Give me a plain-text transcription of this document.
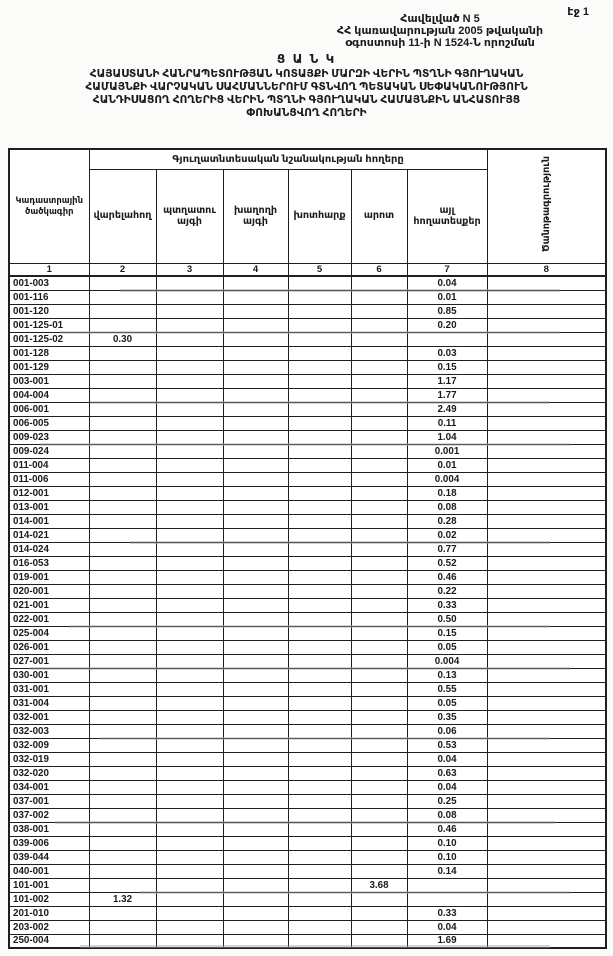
էջ 1
Հավելված N 5
ՀՀ կառավարության 2005 թվականի
օգոստոսի 11-ի N 1524-Ն որոշման
Ց Ա Ն Կ
ՀԱՅԱՍՏԱՆԻ ՀԱՆՐԱՊԵՏՈՒԹՅԱՆ ԿՈՏԱՅՔԻ ՄԱՐԶԻ ՎԵՐԻՆ ՊՏՂՆԻ ԳՅՈՒՂԱԿԱՆ
ՀԱՄԱՅՆՔԻ ՎԱՐՉԱԿԱՆ ՍԱՀՄԱՆՆԵՐՈՒՄ ԳՏՆՎՈՂ ՊԵՏԱԿԱՆ ՍԵՓԱԿԱՆՈՒԹՅՈՒՆ
ՀԱՆԴԻՍԱՑՈՂ ՀՈՂԵՐԻՑ ՎԵՐԻՆ ՊՏՂՆԻ ԳՅՈՒՂԱԿԱՆ ՀԱՄԱՅՆՔԻՆ ԱՆՀԱՏՈՒՅՑ
ՓՈԽԱՆՑՎՈՂ ՀՈՂԵՐԻ
Կադաստրային ծածկագիր	Գյուղատնտեսական նշանակության հողերը						Ծանոթագրություն
	վարելահող	պտղատու այգի	խաղողի այգի	խոտհարք	արոտ	այլ հողատեսքեր	
1	2	3	4	5	6	7	8
001-003						0.04	
001-116						0.01	
001-120						0.85	
001-125-01						0.20	
001-125-02	0.30						
001-128						0.03	
001-129						0.15	
003-001						1.17	
004-004						1.77	
006-001						2.49	
006-005						0.11	
009-023						1.04	
009-024						0.001	
011-004						0.01	
011-006						0.004	
012-001						0.18	
013-001						0.08	
014-001						0.28	
014-021						0.02	
014-024						0.77	
016-053						0.52	
019-001						0.46	
020-001						0.22	
021-001						0.33	
022-001						0.50	
025-004						0.15	
026-001						0.05	
027-001						0.004	
030-001						0.13	
031-001						0.55	
031-004						0.05	
032-001						0.35	
032-003						0.06	
032-009						0.53	
032-019						0.04	
032-020						0.63	
034-001						0.04	
037-001						0.25	
037-002						0.08	
038-001						0.46	
039-006						0.10	
039-044						0.10	
040-001						0.14	
101-001					3.68		
101-002	1.32						
201-010						0.33	
203-002						0.04	
250-004						1.69	
